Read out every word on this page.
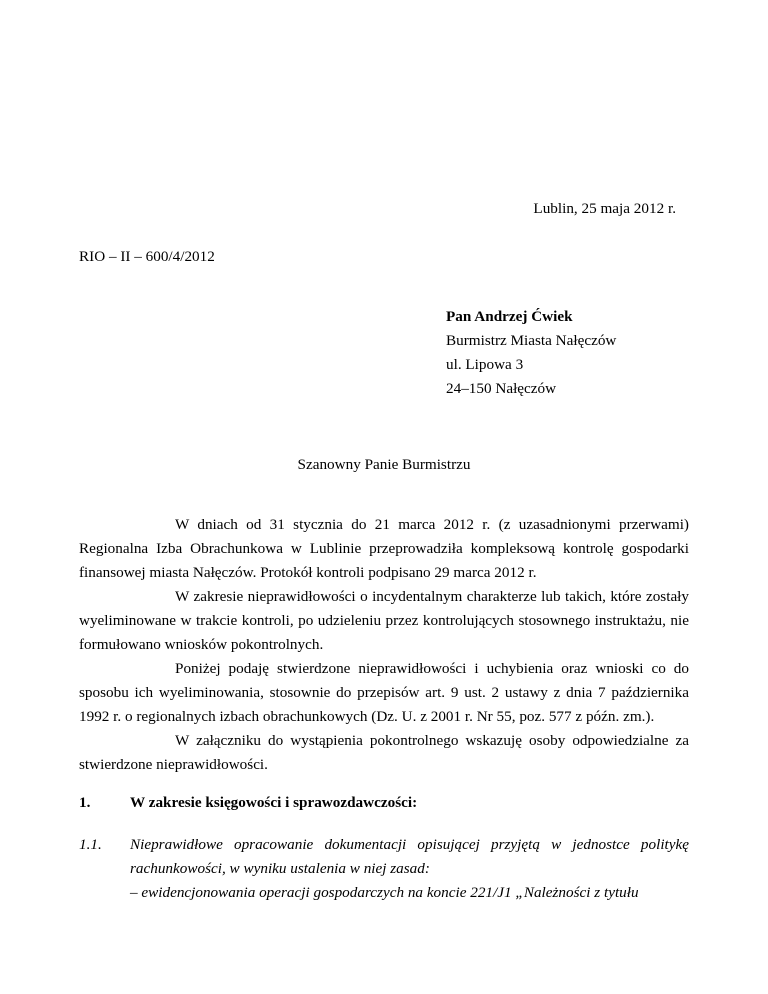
Lublin, 25 maja 2012 r.
RIO – II – 600/4/2012
Pan Andrzej Ćwiek
Burmistrz Miasta Nałęczów
ul. Lipowa 3
24–150 Nałęczów
Szanowny Panie Burmistrzu

W dniach od 31 stycznia do 21 marca 2012 r. (z uzasadnionymi przerwami) Regionalna Izba Obrachunkowa w Lublinie przeprowadziła kompleksową kontrolę gospodarki finansowej miasta Nałęczów. Protokół kontroli podpisano 29 marca 2012 r.

W zakresie nieprawidłowości o incydentalnym charakterze lub takich, które zostały wyeliminowane w trakcie kontroli, po udzieleniu przez kontrolujących stosownego instruktażu, nie formułowano wniosków pokontrolnych.

Poniżej podaję stwierdzone nieprawidłowości i uchybienia oraz wnioski co do sposobu ich wyeliminowania, stosownie do przepisów art. 9 ust. 2 ustawy z dnia 7 października 1992 r. o regionalnych izbach obrachunkowych (Dz. U. z 2001 r. Nr 55, poz. 577 z późn. zm.).

W załączniku do wystąpienia pokontrolnego wskazuję osoby odpowiedzialne za stwierdzone nieprawidłowości.

1.	W zakresie księgowości i sprawozdawczości:
1.1.	Nieprawidłowe opracowanie dokumentacji opisującej przyjętą w jednostce politykę rachunkowości, w wyniku ustalenia w niej zasad:
– ewidencjonowania operacji gospodarczych na koncie 221/J1 „Należności z tytułu
